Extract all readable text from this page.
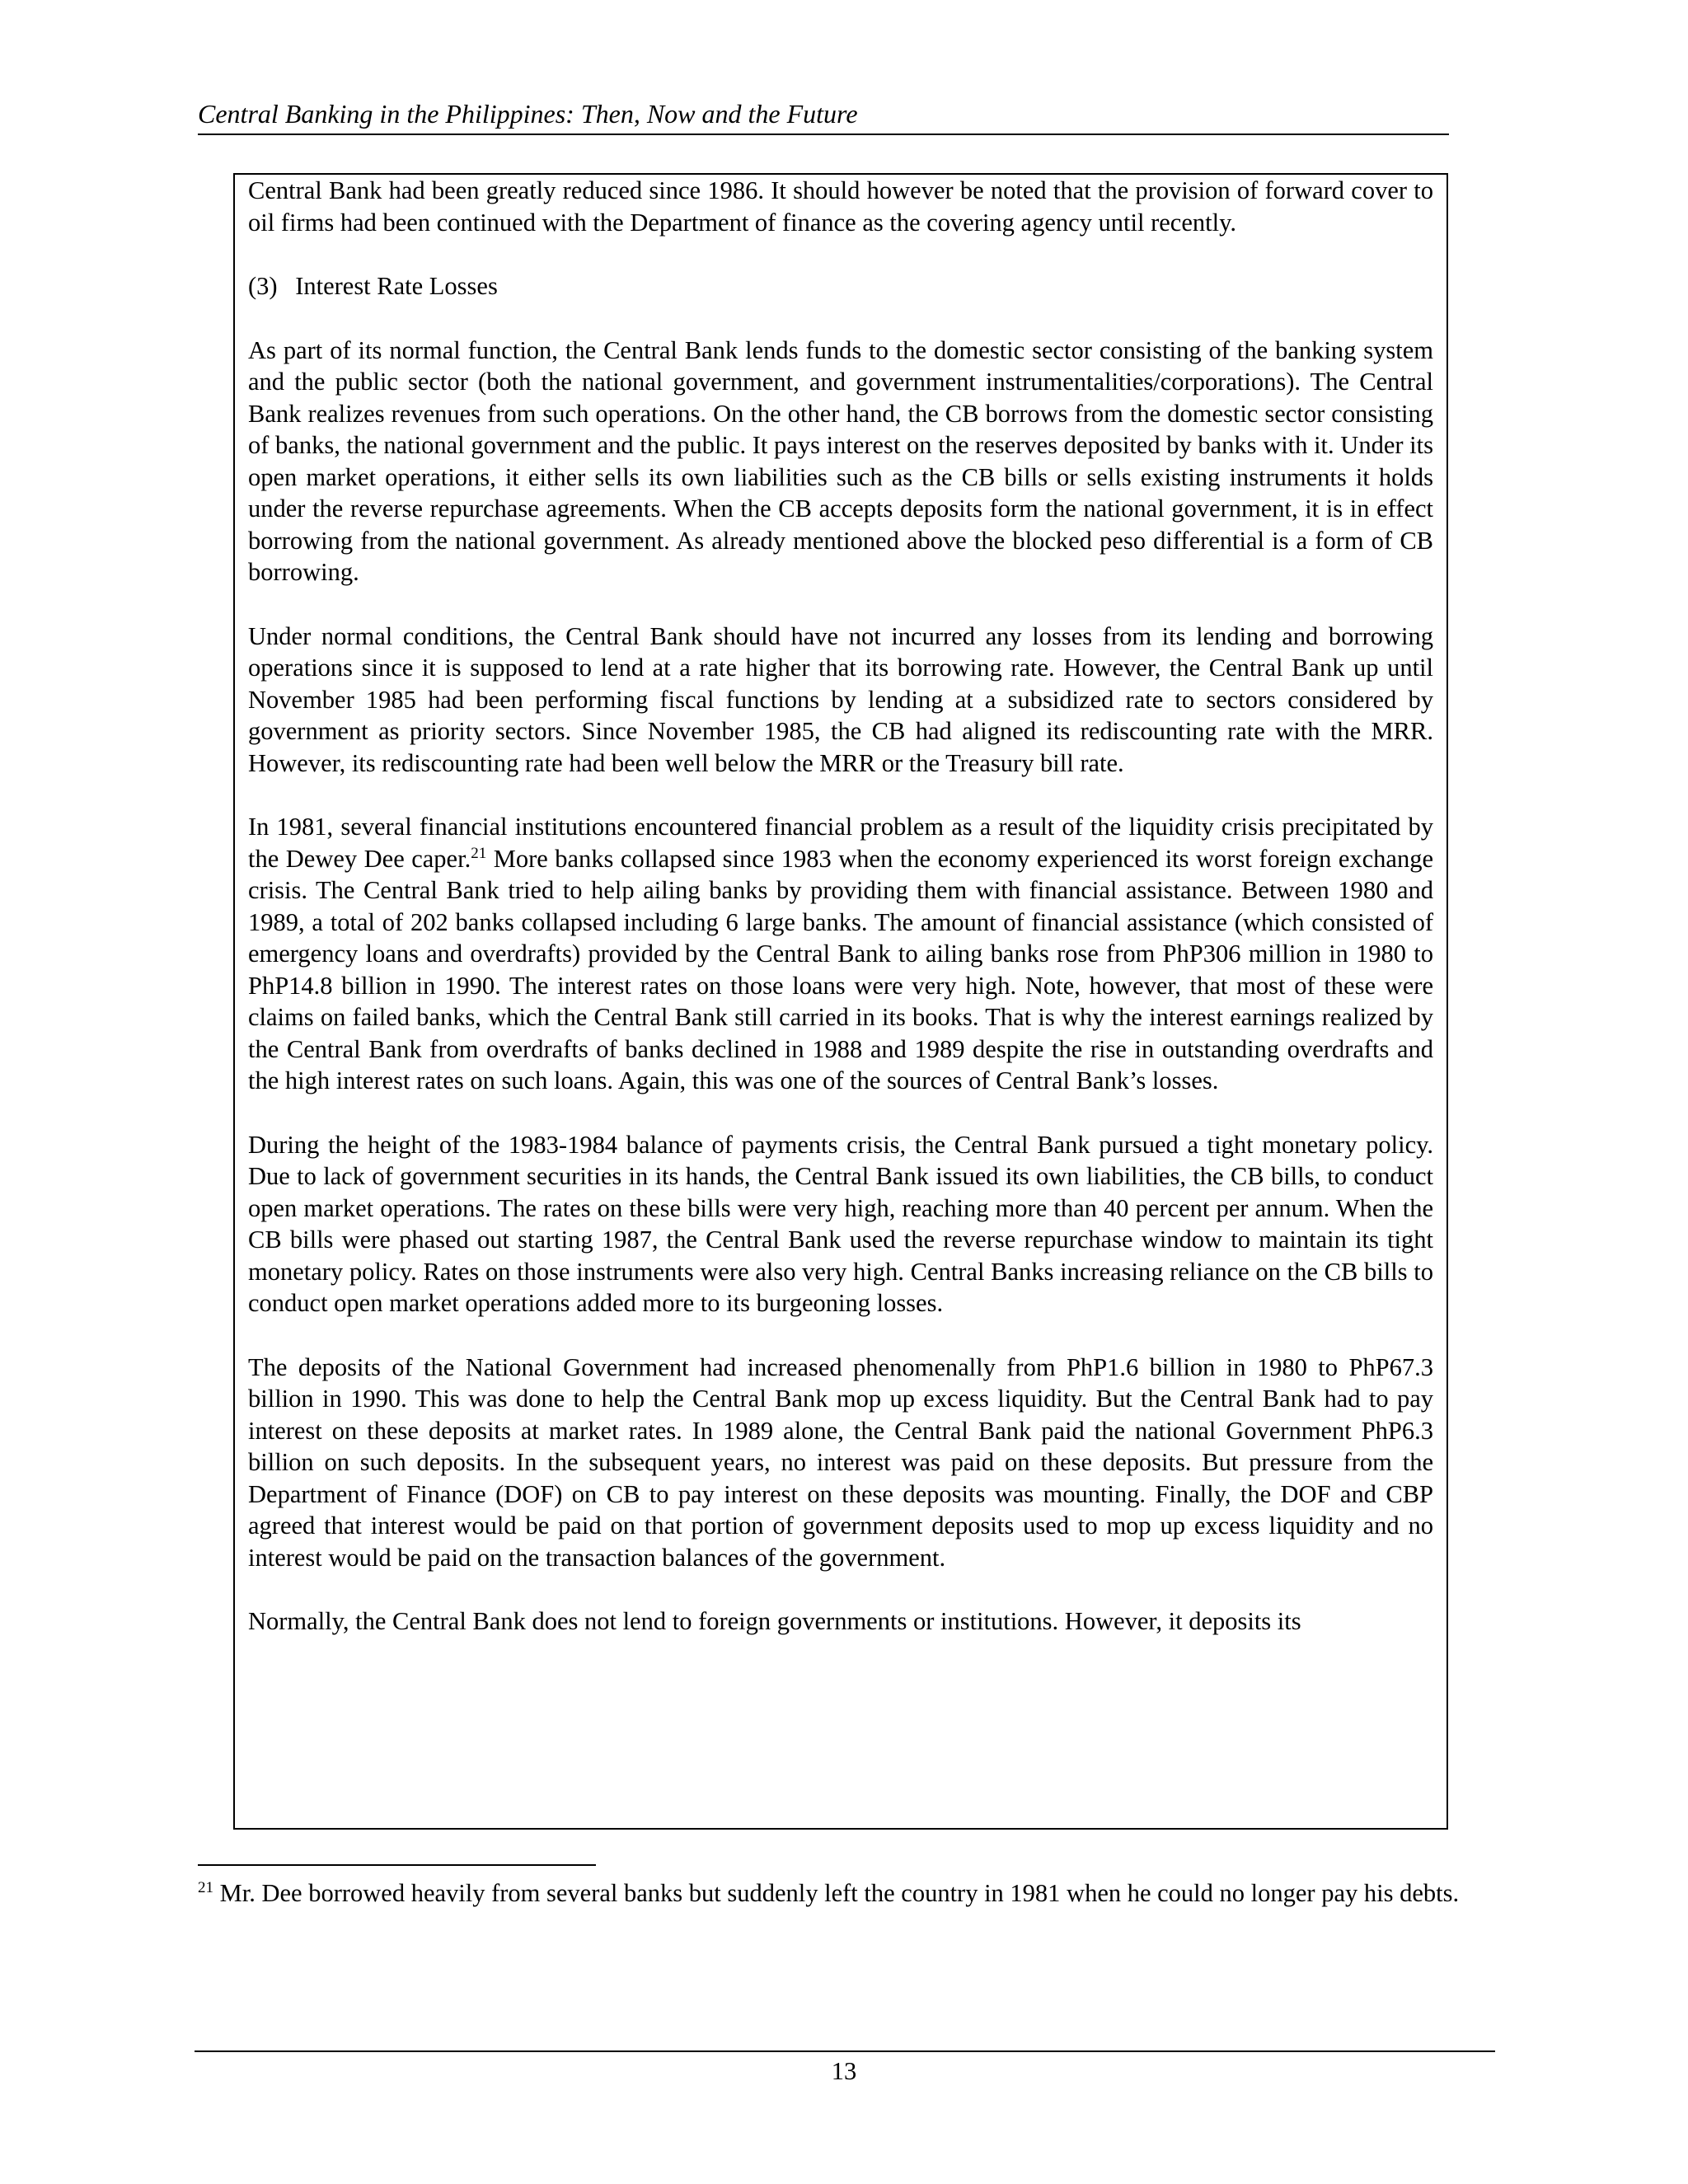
Central Banking in the Philippines: Then, Now and the Future

Central Bank had been greatly reduced since 1986. It should however be noted that the provision of forward cover to oil firms had been continued with the Department of finance as the covering agency until recently.

(3) Interest Rate Losses

As part of its normal function, the Central Bank lends funds to the domestic sector consisting of the banking system and the public sector (both the national government, and government instrumentalities/corporations). The Central Bank realizes revenues from such operations. On the other hand, the CB borrows from the domestic sector consisting of banks, the national government and the public. It pays interest on the reserves deposited by banks with it. Under its open market operations, it either sells its own liabilities such as the CB bills or sells existing instruments it holds under the reverse repurchase agreements. When the CB accepts deposits form the national government, it is in effect borrowing from the national government. As already mentioned above the blocked peso differential is a form of CB borrowing.

Under normal conditions, the Central Bank should have not incurred any losses from its lending and borrowing operations since it is supposed to lend at a rate higher that its borrowing rate. However, the Central Bank up until November 1985 had been performing fiscal functions by lending at a subsidized rate to sectors considered by government as priority sectors. Since November 1985, the CB had aligned its rediscounting rate with the MRR. However, its rediscounting rate had been well below the MRR or the Treasury bill rate.

In 1981, several financial institutions encountered financial problem as a result of the liquidity crisis precipitated by the Dewey Dee caper.$^{21}$ More banks collapsed since 1983 when the economy experienced its worst foreign exchange crisis. The Central Bank tried to help ailing banks by providing them with financial assistance. Between 1980 and 1989, a total of 202 banks collapsed including 6 large banks. The amount of financial assistance (which consisted of emergency loans and overdrafts) provided by the Central Bank to ailing banks rose from PhP306 million in 1980 to PhP14.8 billion in 1990. The interest rates on those loans were very high. Note, however, that most of these were claims on failed banks, which the Central Bank still carried in its books. That is why the interest earnings realized by the Central Bank from overdrafts of banks declined in 1988 and 1989 despite the rise in outstanding overdrafts and the high interest rates on such loans. Again, this was one of the sources of Central Bank’s losses.

During the height of the 1983-1984 balance of payments crisis, the Central Bank pursued a tight monetary policy. Due to lack of government securities in its hands, the Central Bank issued its own liabilities, the CB bills, to conduct open market operations. The rates on these bills were very high, reaching more than 40 percent per annum. When the CB bills were phased out starting 1987, the Central Bank used the reverse repurchase window to maintain its tight monetary policy. Rates on those instruments were also very high. Central Banks increasing reliance on the CB bills to conduct open market operations added more to its burgeoning losses.

The deposits of the National Government had increased phenomenally from PhP1.6 billion in 1980 to PhP67.3 billion in 1990. This was done to help the Central Bank mop up excess liquidity. But the Central Bank had to pay interest on these deposits at market rates. In 1989 alone, the Central Bank paid the national Government PhP6.3 billion on such deposits. In the subsequent years, no interest was paid on these deposits. But pressure from the Department of Finance (DOF) on CB to pay interest on these deposits was mounting. Finally, the DOF and CBP agreed that interest would be paid on that portion of government deposits used to mop up excess liquidity and no interest would be paid on the transaction balances of the government.

Normally, the Central Bank does not lend to foreign governments or institutions. However, it deposits its

$^{21}$ Mr. Dee borrowed heavily from several banks but suddenly left the country in 1981 when he could no longer pay his debts.
13
